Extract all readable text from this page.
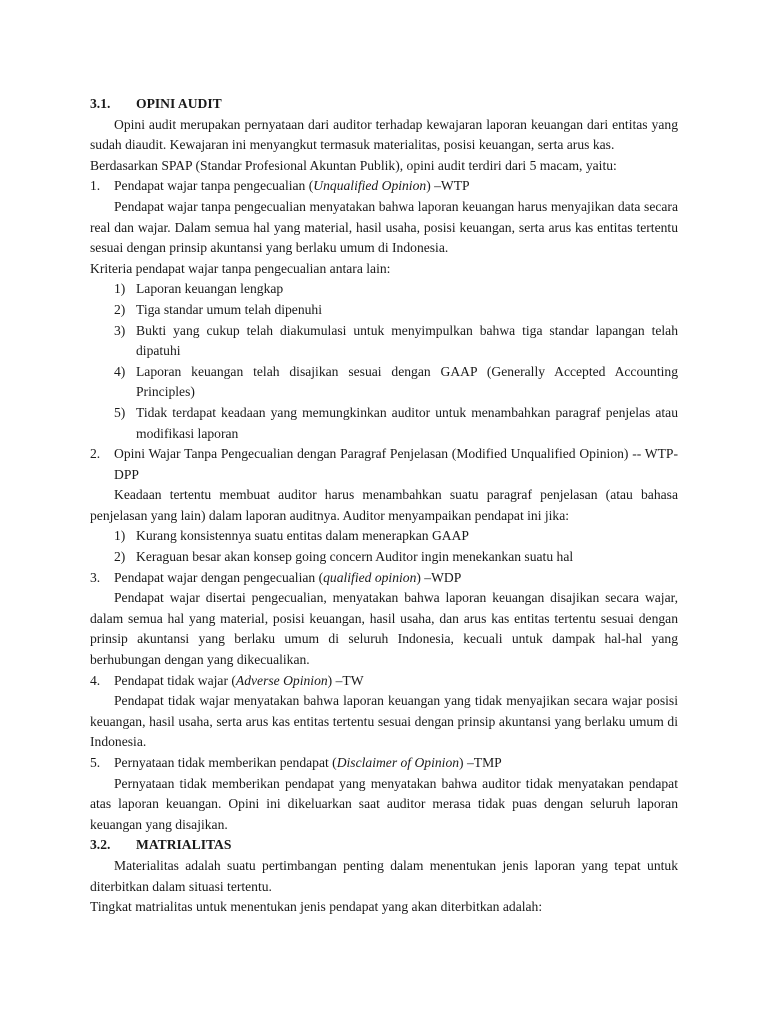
3.1.	OPINI AUDIT

Opini audit merupakan pernyataan dari auditor terhadap kewajaran laporan keuangan dari entitas yang sudah diaudit. Kewajaran ini menyangkut termasuk materialitas, posisi keuangan, serta arus kas.

Berdasarkan SPAP (Standar Profesional Akuntan Publik), opini audit terdiri dari 5 macam, yaitu:

1.	Pendapat wajar tanpa pengecualian (Unqualified Opinion) –WTP

Pendapat wajar tanpa pengecualian menyatakan bahwa laporan keuangan harus menyajikan data secara real dan wajar. Dalam semua hal yang material, hasil usaha, posisi keuangan, serta arus kas entitas tertentu sesuai dengan prinsip akuntansi yang berlaku umum di Indonesia.

Kriteria pendapat wajar tanpa pengecualian antara lain:

1) Laporan keuangan lengkap
2) Tiga standar umum telah dipenuhi
3) Bukti yang cukup telah diakumulasi untuk menyimpulkan bahwa tiga standar lapangan telah dipatuhi
4) Laporan keuangan telah disajikan sesuai dengan GAAP (Generally Accepted Accounting Principles)
5) Tidak terdapat keadaan yang memungkinkan auditor untuk menambahkan paragraf penjelas atau modifikasi laporan
2.	Opini Wajar Tanpa Pengecualian dengan Paragraf Penjelasan (Modified Unqualified Opinion) -- WTP-DPP

Keadaan tertentu membuat auditor harus menambahkan suatu paragraf penjelasan (atau bahasa penjelasan yang lain) dalam laporan auditnya. Auditor menyampaikan pendapat ini jika:

1) Kurang konsistennya suatu entitas dalam menerapkan GAAP
2) Keraguan besar akan konsep going concern Auditor ingin menekankan suatu hal
3.	Pendapat wajar dengan pengecualian (qualified opinion) –WDP

Pendapat wajar disertai pengecualian, menyatakan bahwa laporan keuangan disajikan secara wajar, dalam semua hal yang material, posisi keuangan, hasil usaha, dan arus kas entitas tertentu sesuai dengan prinsip akuntansi yang berlaku umum di seluruh Indonesia, kecuali untuk dampak hal-hal yang berhubungan dengan yang dikecualikan.

4.	Pendapat tidak wajar (Adverse Opinion) –TW

Pendapat tidak wajar menyatakan bahwa laporan keuangan yang tidak menyajikan secara wajar posisi keuangan, hasil usaha, serta arus kas entitas tertentu sesuai dengan prinsip akuntansi yang berlaku umum di Indonesia.

5.	Pernyataan tidak memberikan pendapat (Disclaimer of Opinion) –TMP

Pernyataan tidak memberikan pendapat yang menyatakan bahwa auditor tidak menyatakan pendapat atas laporan keuangan. Opini ini dikeluarkan saat auditor merasa tidak puas dengan seluruh laporan keuangan yang disajikan.

3.2.	MATRIALITAS

Materialitas adalah suatu pertimbangan penting dalam menentukan jenis laporan yang tepat untuk diterbitkan dalam situasi tertentu.

Tingkat matrialitas untuk menentukan jenis pendapat yang akan diterbitkan adalah:
